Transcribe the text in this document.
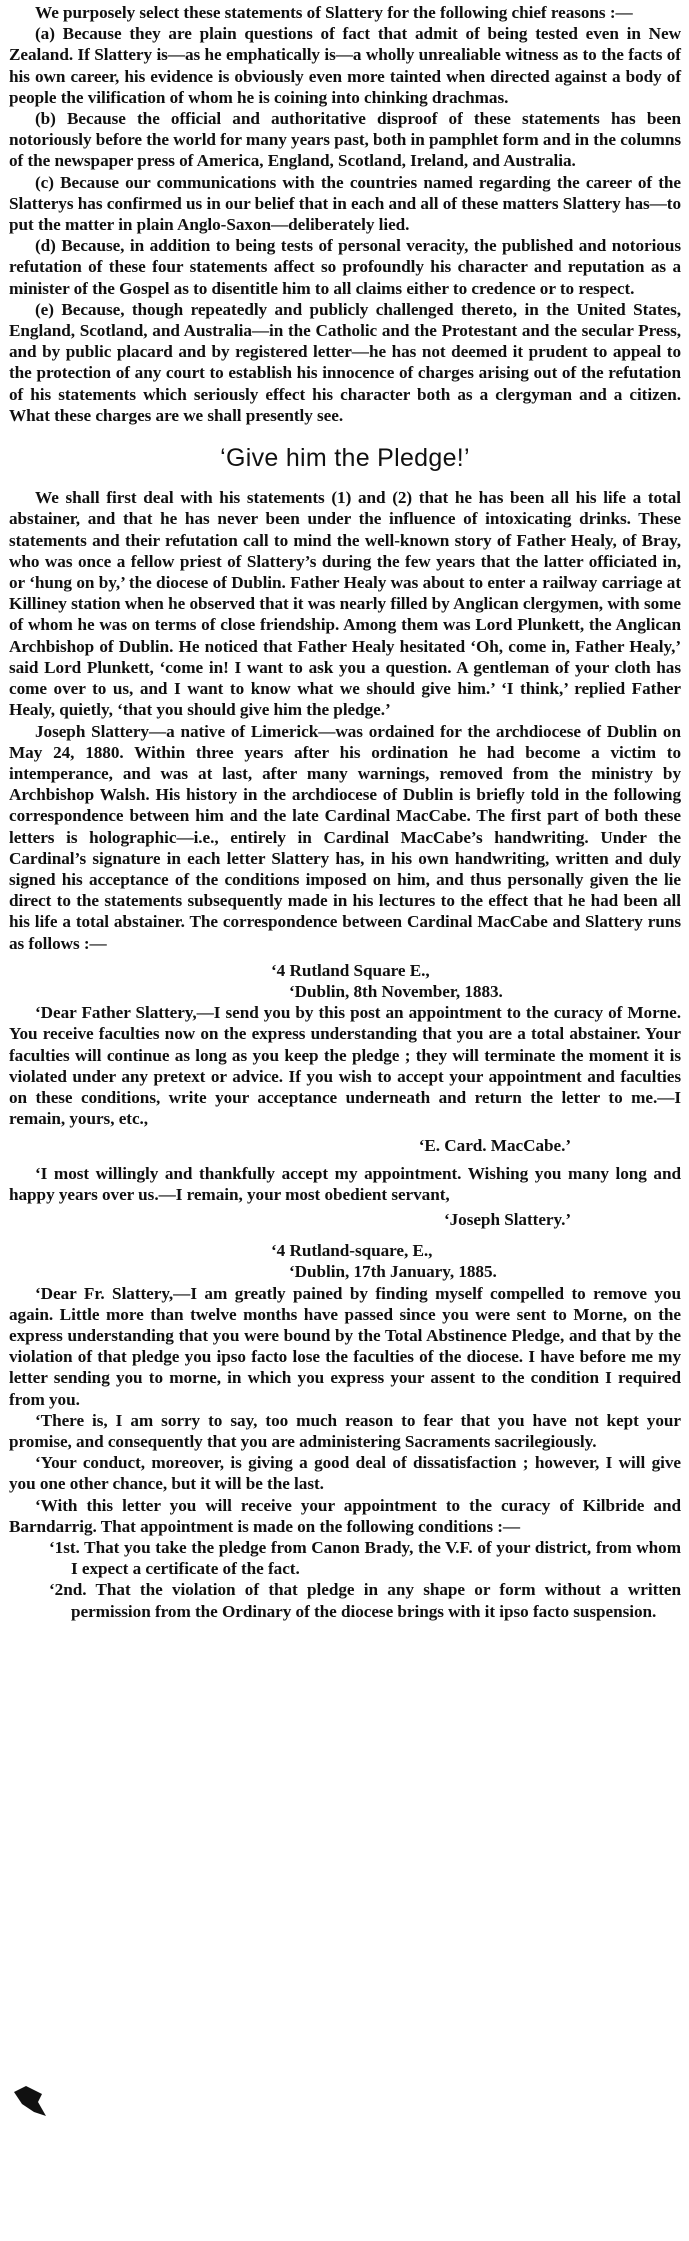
We purposely select these statements of Slattery for the following chief reasons :—

(a) Because they are plain questions of fact that admit of being tested even in New Zealand. If Slattery is—as he emphatically is—a wholly unrealiable witness as to the facts of his own career, his evidence is obviously even more tainted when directed against a body of people the vilification of whom he is coining into chinking drachmas.

(b) Because the official and authoritative disproof of these statements has been notoriously before the world for many years past, both in pamphlet form and in the columns of the newspaper press of America, England, Scotland, Ireland, and Australia.

(c) Because our communications with the countries named regarding the career of the Slatterys has confirmed us in our belief that in each and all of these matters Slattery has—to put the matter in plain Anglo-Saxon—deliberately lied.

(d) Because, in addition to being tests of personal veracity, the published and notorious refutation of these four statements affect so profoundly his character and reputation as a minister of the Gospel as to disentitle him to all claims either to credence or to respect.

(e) Because, though repeatedly and publicly challenged thereto, in the United States, England, Scotland, and Australia—in the Catholic and the Protestant and the secular Press, and by public placard and by registered letter—he has not deemed it prudent to appeal to the protection of any court to establish his innocence of charges arising out of the refutation of his statements which seriously effect his character both as a clergyman and a citizen. What these charges are we shall presently see.

‘Give him the Pledge!’

We shall first deal with his statements (1) and (2) that he has been all his life a total abstainer, and that he has never been under the influence of intoxicating drinks. These statements and their refutation call to mind the well-known story of Father Healy, of Bray, who was once a fellow priest of Slattery’s during the few years that the latter officiated in, or ‘hung on by,’ the diocese of Dublin. Father Healy was about to enter a railway carriage at Killiney station when he observed that it was nearly filled by Anglican clergymen, with some of whom he was on terms of close friendship. Among them was Lord Plunkett, the Anglican Archbishop of Dublin. He noticed that Father Healy hesitated ‘Oh, come in, Father Healy,’ said Lord Plunkett, ‘come in! I want to ask you a question. A gentleman of your cloth has come over to us, and I want to know what we should give him.’ ‘I think,’ replied Father Healy, quietly, ‘that you should give him the pledge.’

Joseph Slattery—a native of Limerick—was ordained for the archdiocese of Dublin on May 24, 1880. Within three years after his ordination he had become a victim to intemperance, and was at last, after many warnings, removed from the ministry by Archbishop Walsh. His history in the archdiocese of Dublin is briefly told in the following correspondence between him and the late Cardinal MacCabe. The first part of both these letters is holographic—i.e., entirely in Cardinal MacCabe’s handwriting. Under the Cardinal’s signature in each letter Slattery has, in his own handwriting, written and duly signed his acceptance of the conditions imposed on him, and thus personally given the lie direct to the statements subsequently made in his lectures to the effect that he had been all his life a total abstainer. The correspondence between Cardinal MacCabe and Slattery runs as follows :—

‘4 Rutland Square E.,

‘Dublin, 8th November, 1883.

‘Dear Father Slattery,—I send you by this post an appointment to the curacy of Morne. You receive faculties now on the express understanding that you are a total abstainer. Your faculties will continue as long as you keep the pledge ; they will terminate the moment it is violated under any pretext or advice. If you wish to accept your appointment and faculties on these conditions, write your acceptance underneath and return the letter to me.—I remain, yours, etc.,

‘E. Card. MacCabe.’

‘I most willingly and thankfully accept my appointment. Wishing you many long and happy years over us.—I remain, your most obedient servant,

‘Joseph Slattery.’

‘4 Rutland-square, E.,

‘Dublin, 17th January, 1885.

‘Dear Fr. Slattery,—I am greatly pained by finding myself compelled to remove you again. Little more than twelve months have passed since you were sent to Morne, on the express understanding that you were bound by the Total Abstinence Pledge, and that by the violation of that pledge you ipso facto lose the faculties of the diocese. I have before me my letter sending you to morne, in which you express your assent to the condition I required from you.

‘There is, I am sorry to say, too much reason to fear that you have not kept your promise, and consequently that you are administering Sacraments sacrilegiously.

‘Your conduct, moreover, is giving a good deal of dissatisfaction ; however, I will give you one other chance, but it will be the last.

‘With this letter you will receive your appointment to the curacy of Kilbride and Barndarrig. That appointment is made on the following conditions :—

‘1st. That you take the pledge from Canon Brady, the V.F. of your district, from whom I expect a certificate of the fact.

‘2nd. That the violation of that pledge in any shape or form without a written permission from the Ordinary of the diocese brings with it ipso facto suspension.
